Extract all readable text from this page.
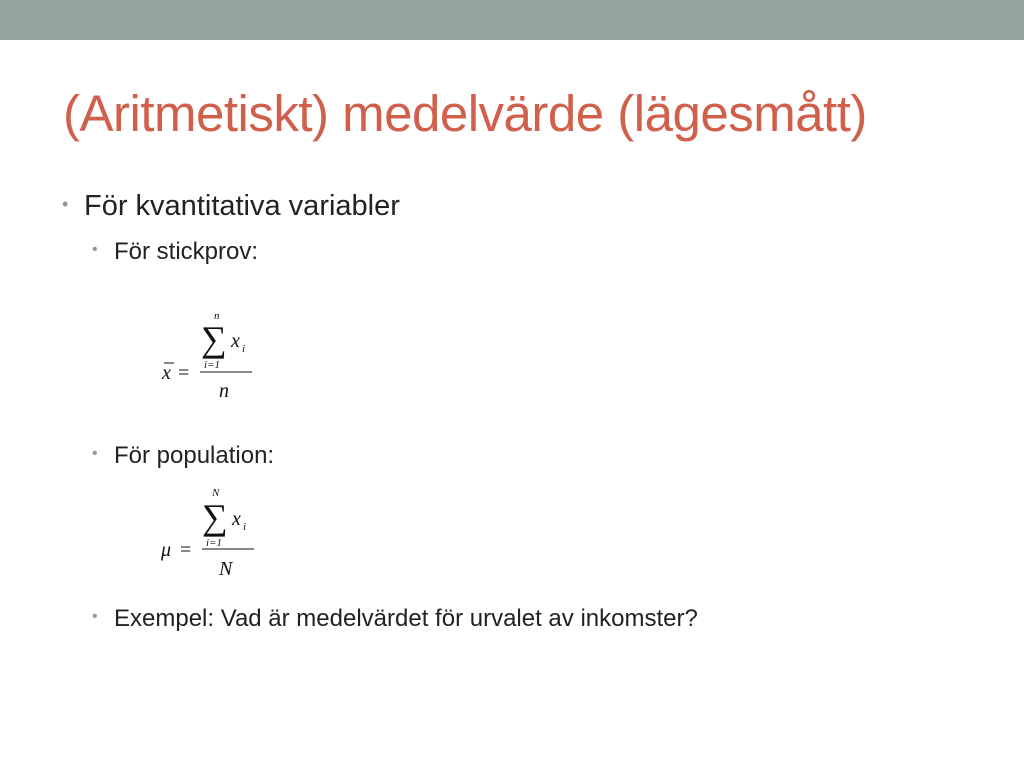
(Aritmetiskt) medelvärde (lägesmått)
• För kvantitativa variabler
• För stickprov:
n
∑ x i
i=1
x =
n
• För population:
N
∑ x i
i=1
μ =
N
• Exempel: Vad är medelvärdet för urvalet av inkomster?
